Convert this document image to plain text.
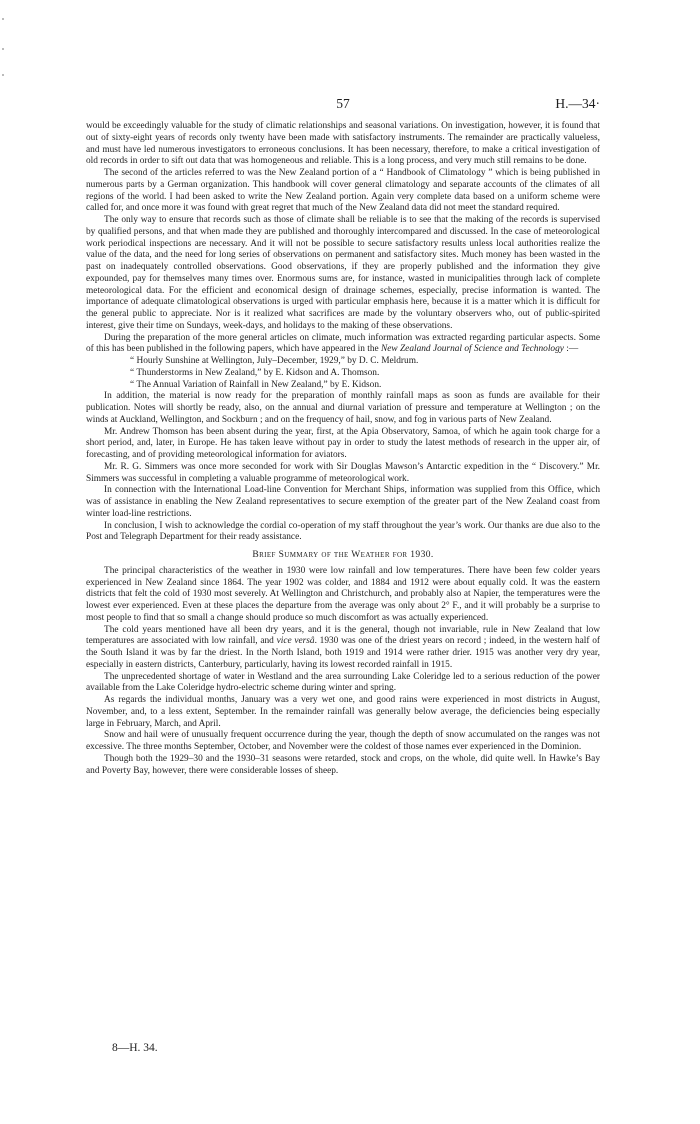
57	H.—34·

would be exceedingly valuable for the study of climatic relationships and seasonal variations. On investigation, however, it is found that out of sixty-eight years of records only twenty have been made with satisfactory instruments. The remainder are practically valueless, and must have led numerous investigators to erroneous conclusions. It has been necessary, therefore, to make a critical investigation of old records in order to sift out data that was homogeneous and reliable. This is a long process, and very much still remains to be done.

The second of the articles referred to was the New Zealand portion of a “ Handbook of Climatology ” which is being published in numerous parts by a German organization. This handbook will cover general climatology and separate accounts of the climates of all regions of the world. I had been asked to write the New Zealand portion. Again very complete data based on a uniform scheme were called for, and once more it was found with great regret that much of the New Zealand data did not meet the standard required.

The only way to ensure that records such as those of climate shall be reliable is to see that the making of the records is supervised by qualified persons, and that when made they are published and thoroughly intercompared and discussed. In the case of meteorological work periodical inspections are necessary. And it will not be possible to secure satisfactory results unless local authorities realize the value of the data, and the need for long series of observations on permanent and satisfactory sites. Much money has been wasted in the past on inadequately controlled observations. Good observations, if they are properly published and the information they give expounded, pay for themselves many times over. Enormous sums are, for instance, wasted in municipalities through lack of complete meteorological data. For the efficient and economical design of drainage schemes, especially, precise information is wanted. The importance of adequate climatological observations is urged with particular emphasis here, because it is a matter which it is difficult for the general public to appreciate. Nor is it realized what sacrifices are made by the voluntary observers who, out of public-spirited interest, give their time on Sundays, week-days, and holidays to the making of these observations.

During the preparation of the more general articles on climate, much information was extracted regarding particular aspects. Some of this has been published in the following papers, which have appeared in the New Zealand Journal of Science and Technology :—

“ Hourly Sunshine at Wellington, July–December, 1929,” by D. C. Meldrum.

“ Thunderstorms in New Zealand,” by E. Kidson and A. Thomson.

“ The Annual Variation of Rainfall in New Zealand,” by E. Kidson.

In addition, the material is now ready for the preparation of monthly rainfall maps as soon as funds are available for their publication. Notes will shortly be ready, also, on the annual and diurnal variation of pressure and temperature at Wellington ; on the winds at Auckland, Wellington, and Sockburn ; and on the frequency of hail, snow, and fog in various parts of New Zealand.

Mr. Andrew Thomson has been absent during the year, first, at the Apia Observatory, Samoa, of which he again took charge for a short period, and, later, in Europe. He has taken leave without pay in order to study the latest methods of research in the upper air, of forecasting, and of providing meteorological information for aviators.

Mr. R. G. Simmers was once more seconded for work with Sir Douglas Mawson’s Antarctic expedition in the “ Discovery.” Mr. Simmers was successful in completing a valuable programme of meteorological work.

In connection with the International Load-line Convention for Merchant Ships, information was supplied from this Office, which was of assistance in enabling the New Zealand representatives to secure exemption of the greater part of the New Zealand coast from winter load-line restrictions.

In conclusion, I wish to acknowledge the cordial co-operation of my staff throughout the year’s work. Our thanks are due also to the Post and Telegraph Department for their ready assistance.

Brief Summary of the Weather for 1930.

The principal characteristics of the weather in 1930 were low rainfall and low temperatures. There have been few colder years experienced in New Zealand since 1864. The year 1902 was colder, and 1884 and 1912 were about equally cold. It was the eastern districts that felt the cold of 1930 most severely. At Wellington and Christchurch, and probably also at Napier, the temperatures were the lowest ever experienced. Even at these places the departure from the average was only about 2° F., and it will probably be a surprise to most people to find that so small a change should produce so much discomfort as was actually experienced.

The cold years mentioned have all been dry years, and it is the general, though not invariable, rule in New Zealand that low temperatures are associated with low rainfall, and vice versâ. 1930 was one of the driest years on record ; indeed, in the western half of the South Island it was by far the driest. In the North Island, both 1919 and 1914 were rather drier. 1915 was another very dry year, especially in eastern districts, Canterbury, particularly, having its lowest recorded rainfall in 1915.

The unprecedented shortage of water in Westland and the area surrounding Lake Coleridge led to a serious reduction of the power available from the Lake Coleridge hydro-electric scheme during winter and spring.

As regards the individual months, January was a very wet one, and good rains were experienced in most districts in August, November, and, to a less extent, September. In the remainder rainfall was generally below average, the deficiencies being especially large in February, March, and April.

Snow and hail were of unusually frequent occurrence during the year, though the depth of snow accumulated on the ranges was not excessive. The three months September, October, and November were the coldest of those names ever experienced in the Dominion.

Though both the 1929–30 and the 1930–31 seasons were retarded, stock and crops, on the whole, did quite well. In Hawke’s Bay and Poverty Bay, however, there were considerable losses of sheep.

8—H. 34.
